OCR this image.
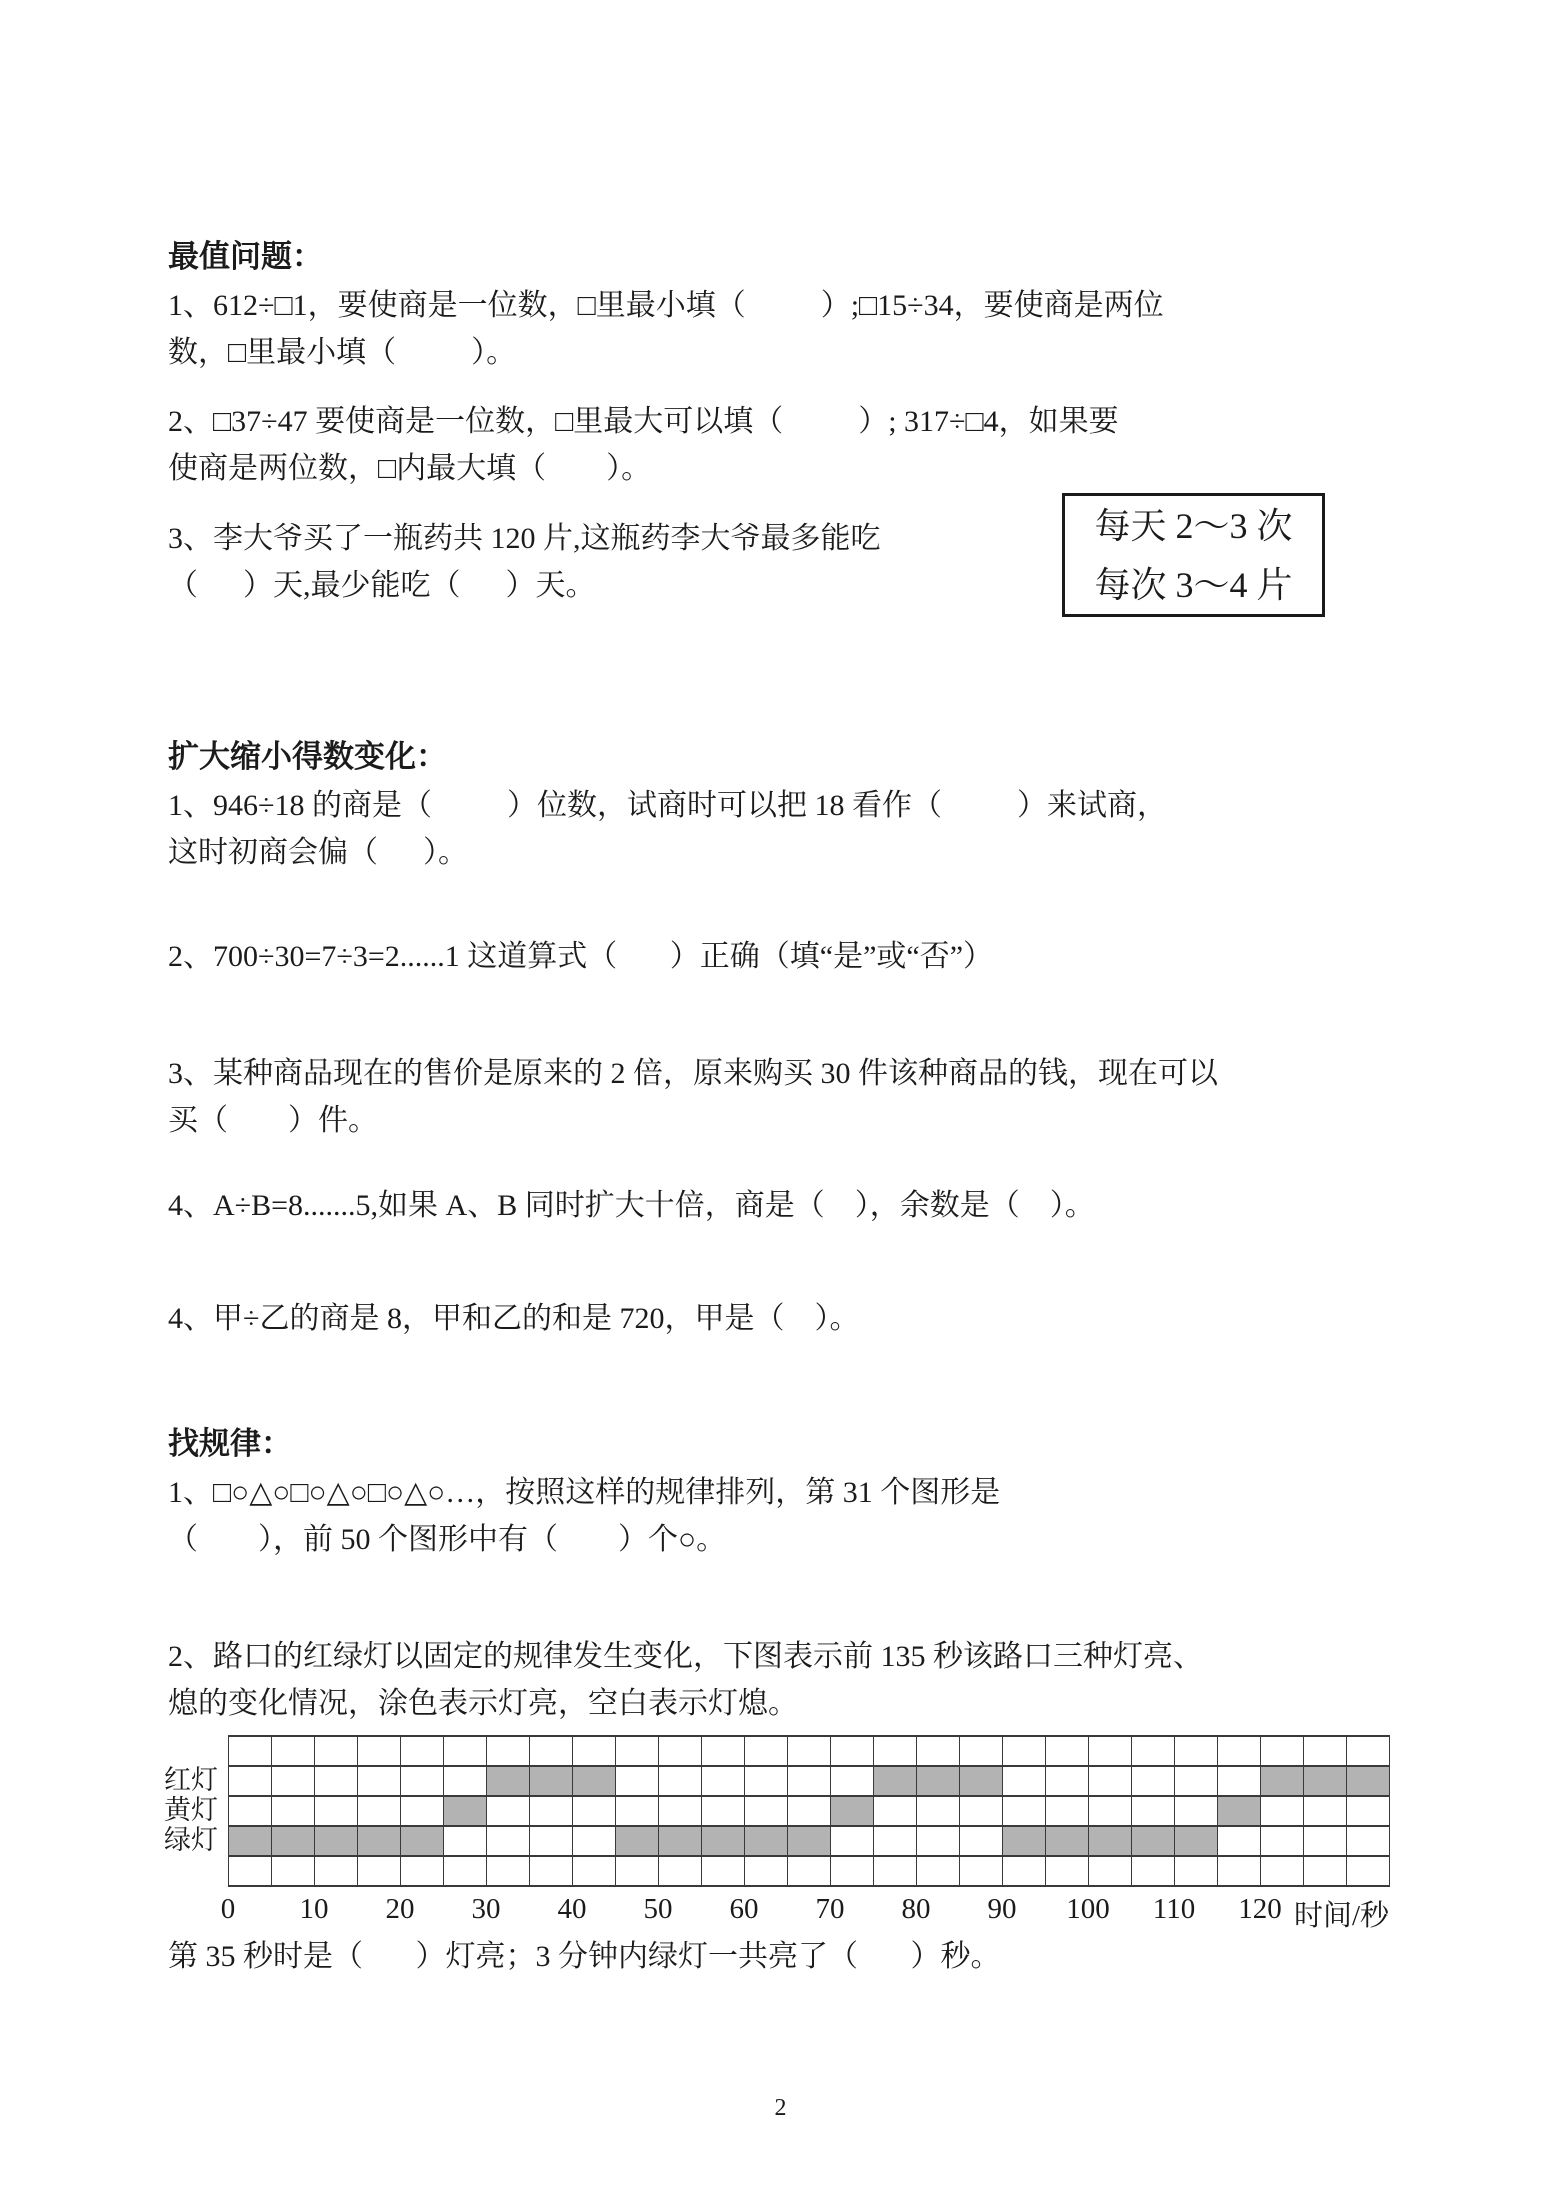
最值问题：
1、612÷□1，要使商是一位数，□里最小填（          ）;□15÷34，要使商是两位
数，□里最小填（          ）。
2、□37÷47 要使商是一位数，□里最大可以填（          ）; 317÷□4，如果要
使商是两位数，□内最大填（        ）。
3、李大爷买了一瓶药共 120 片,这瓶药李大爷最多能吃
（      ）天,最少能吃（      ）天。
扩大缩小得数变化：
1、946÷18 的商是（          ）位数，试商时可以把 18 看作（          ）来试商，
这时初商会偏（      ）。
2、700÷30=7÷3=2......1 这道算式（       ）正确（填“是”或“否”）
3、某种商品现在的售价是原来的 2 倍，原来购买 30 件该种商品的钱，现在可以
买（        ）件。
4、A÷B=8.......5,如果 A、B 同时扩大十倍，商是（    ），余数是（    ）。
4、甲÷乙的商是 8，甲和乙的和是 720，甲是（    ）。
找规律：
1、□○△○□○△○□○△○…，按照这样的规律排列，第 31 个图形是
（        ），前 50 个图形中有（        ）个○。
2、路口的红绿灯以固定的规律发生变化，下图表示前 135 秒该路口三种灯亮、
熄的变化情况，涂色表示灯亮，空白表示灯熄。
红灯
黄灯
绿灯
0	10	20	30	40	50	60	70	80	90	100	110	120 时间/秒
第 35 秒时是（       ）灯亮；3 分钟内绿灯一共亮了（       ）秒。
2
每天 2～3 次
每次 3～4 片
